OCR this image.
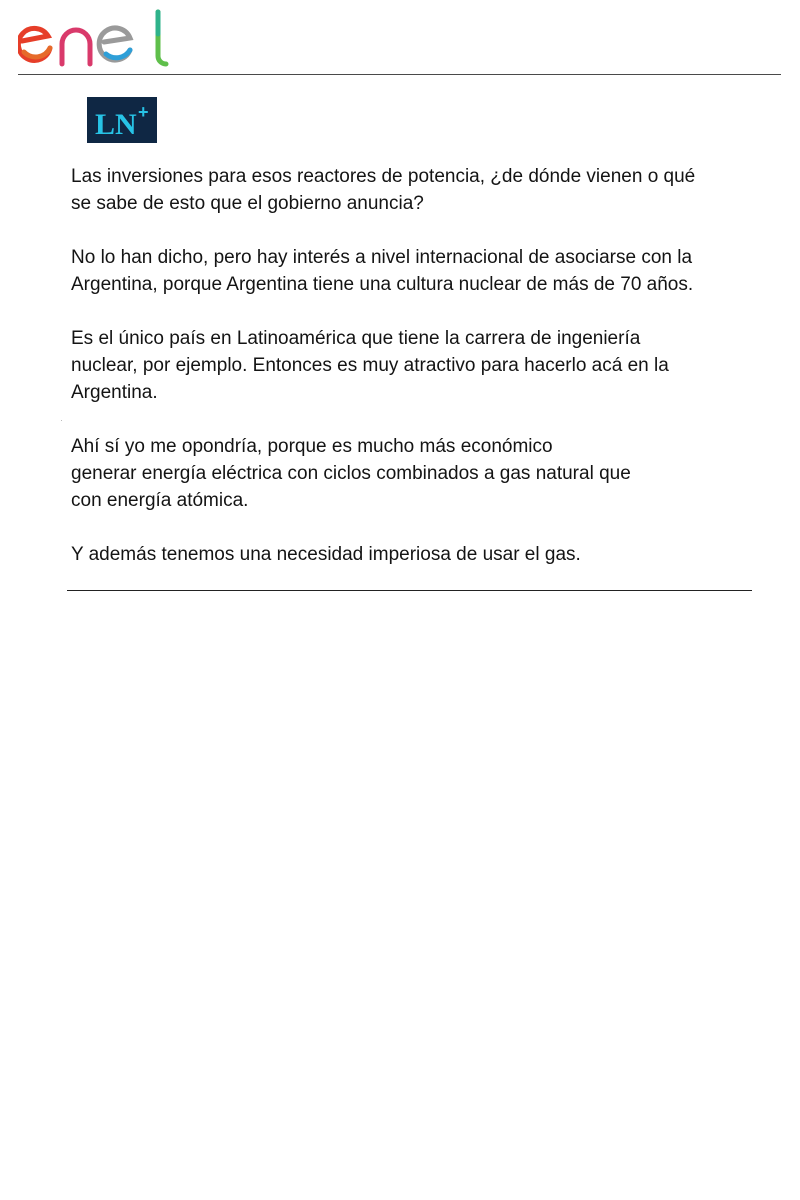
LN +

Las inversiones para esos reactores de potencia, ¿de dónde vienen o qué
se sabe de esto que el gobierno anuncia?

No lo han dicho, pero hay interés a nivel internacional de asociarse con la
Argentina, porque Argentina tiene una cultura nuclear de más de 70 años.

Es el único país en Latinoamérica que tiene la carrera de ingeniería
nuclear, por ejemplo. Entonces es muy atractivo para hacerlo acá en la
Argentina.

Ahí sí yo me opondría, porque es mucho más económico
generar energía eléctrica con ciclos combinados a gas natural que
con energía atómica.

Y además tenemos una necesidad imperiosa de usar el gas.
